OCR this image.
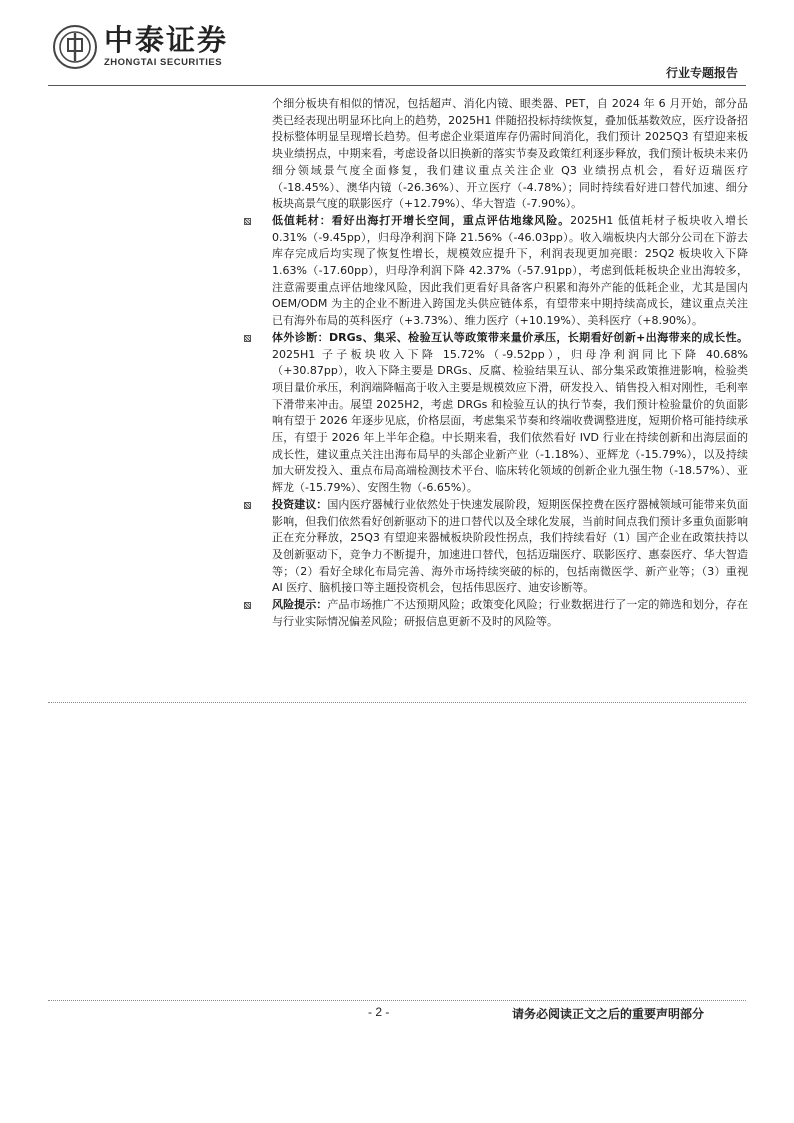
中泰证券
ZHONGTAI SECURITIES
行业专题报告

个细分板块有相似的情况，包括超声、消化内镜、眼类器、PET，自 2024 年 6 月开始，部分品类已经表现出明显环比向上的趋势，2025H1 伴随招投标持续恢复，叠加低基数效应，医疗设备招投标整体明显呈现增长趋势。但考虑企业渠道库存仍需时间消化，我们预计 2025Q3 有望迎来板块业绩拐点，中期来看，考虑设备以旧换新的落实节奏及政策红利逐步释放，我们预计板块未来仍细分领域景气度全面修复，我们建议重点关注企业 Q3 业绩拐点机会，看好迈瑞医疗（-18.45%）、澳华内镜（-26.36%）、开立医疗（-4.78%）；同时持续看好进口替代加速、细分板块高景气度的联影医疗（+12.79%）、华大智造（-7.90%）。

低值耗材：看好出海打开增长空间，重点评估地缘风险。2025H1 低值耗材子板块收入增长 0.31%（-9.45pp），归母净利润下降 21.56%（-46.03pp）。收入端板块内大部分公司在下游去库存完成后均实现了恢复性增长，规模效应提升下，利润表现更加亮眼：25Q2 板块收入下降 1.63%（-17.60pp），归母净利润下降 42.37%（-57.91pp），考虑到低耗板块企业出海较多，注意需要重点评估地缘风险，因此我们更看好具备客户积累和海外产能的低耗企业，尤其是国内 OEM/ODM 为主的企业不断进入跨国龙头供应链体系，有望带来中期持续高成长，建议重点关注已有海外布局的英科医疗（+3.73%）、维力医疗（+10.19%）、美科医疗（+8.90%）。

体外诊断：DRGs、集采、检验互认等政策带来量价承压，长期看好创新+出海带来的成长性。2025H1 子子板块收入下降 15.72%（-9.52pp），归母净利润同比下降 40.68%（+30.87pp），收入下降主要是 DRGs、反腐、检验结果互认、部分集采政策推进影响，检验类项目量价承压，利润端降幅高于收入主要是规模效应下滑，研发投入、销售投入相对刚性，毛利率下滑带来冲击。展望 2025H2，考虑 DRGs 和检验互认的执行节奏，我们预计检验量价的负面影响有望于 2026 年逐步见底，价格层面，考虑集采节奏和终端收费调整进度，短期价格可能持续承压，有望于 2026 年上半年企稳。中长期来看，我们依然看好 IVD 行业在持续创新和出海层面的成长性，建议重点关注出海布局早的头部企业新产业（-1.18%）、亚辉龙（-15.79%），以及持续加大研发投入、重点布局高端检测技术平台、临床转化领域的创新企业九强生物（-18.57%）、亚辉龙（-15.79%）、安图生物（-6.65%）。

投资建议：国内医疗器械行业依然处于快速发展阶段，短期医保控费在医疗器械领域可能带来负面影响，但我们依然看好创新驱动下的进口替代以及全球化发展，当前时间点我们预计多重负面影响正在充分释放，25Q3 有望迎来器械板块阶段性拐点，我们持续看好（1）国产企业在政策扶持以及创新驱动下，竞争力不断提升，加速进口替代，包括迈瑞医疗、联影医疗、惠泰医疗、华大智造等；（2）看好全球化布局完善、海外市场持续突破的标的，包括南微医学、新产业等；（3）重视 AI 医疗、脑机接口等主题投资机会，包括伟思医疗、迪安诊断等。

风险提示：产品市场推广不达预期风险；政策变化风险；行业数据进行了一定的筛选和划分，存在与行业实际情况偏差风险；研报信息更新不及时的风险等。

- 2 -	请务必阅读正文之后的重要声明部分
